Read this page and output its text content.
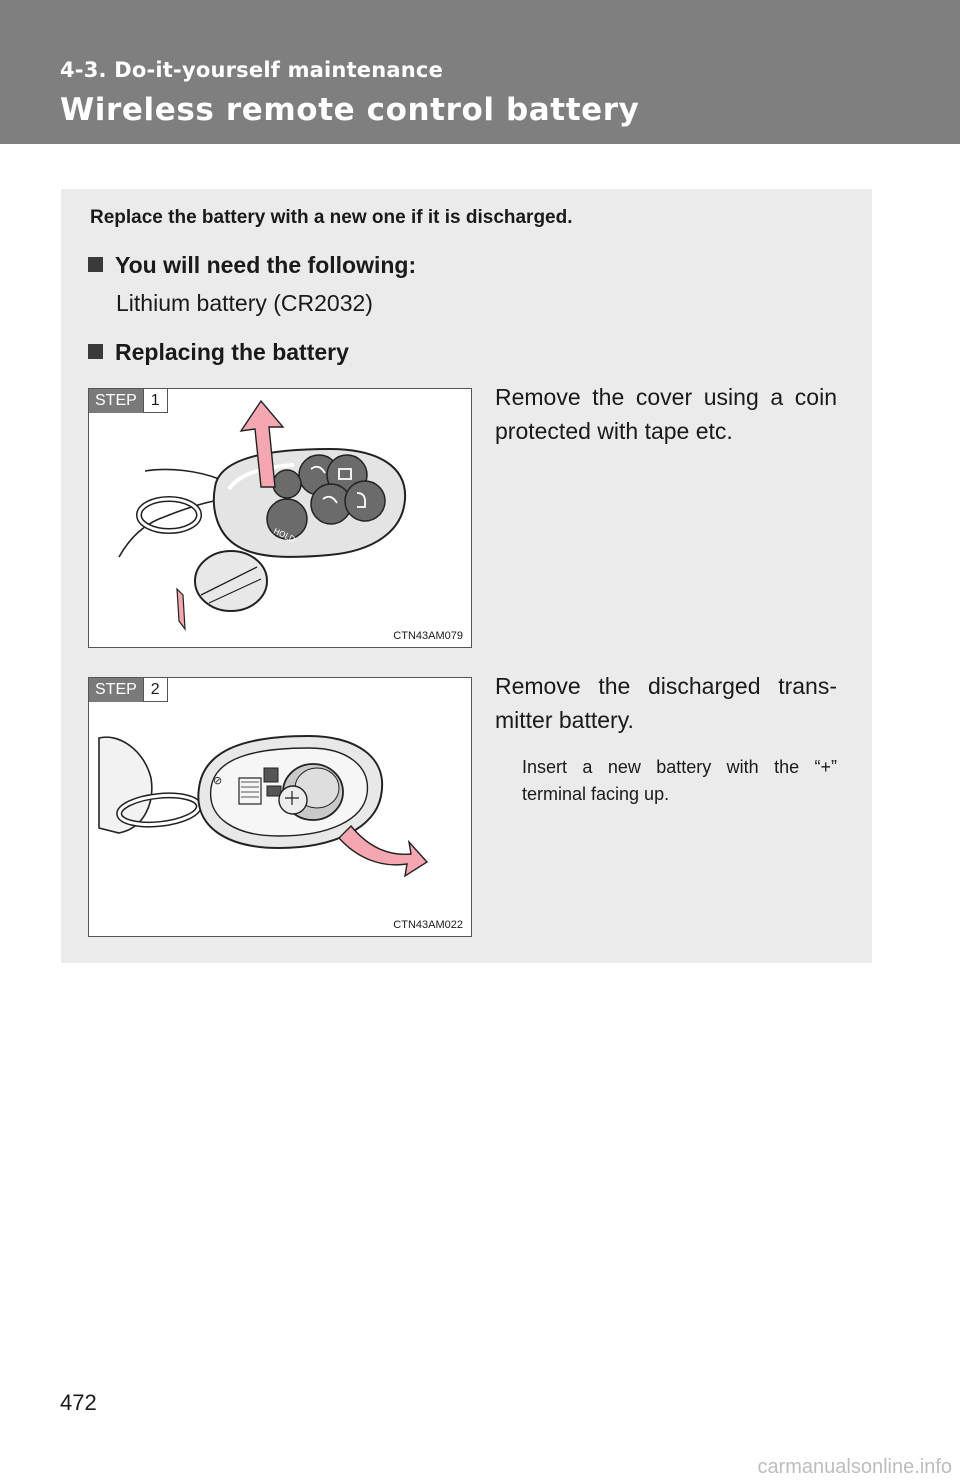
4-3. Do-it-yourself maintenance
Wireless remote control battery
Replace the battery with a new one if it is discharged.
You will need the following:
Lithium battery (CR2032)
Replacing the battery
HOLD
STEP 1
CTN43AM079
Remove the cover using a coin protected with tape etc.
⊘
STEP 2
CTN43AM022
Remove the discharged trans-mitter battery.
Insert a new battery with the “+” terminal facing up.
472
carmanualsonline.info
